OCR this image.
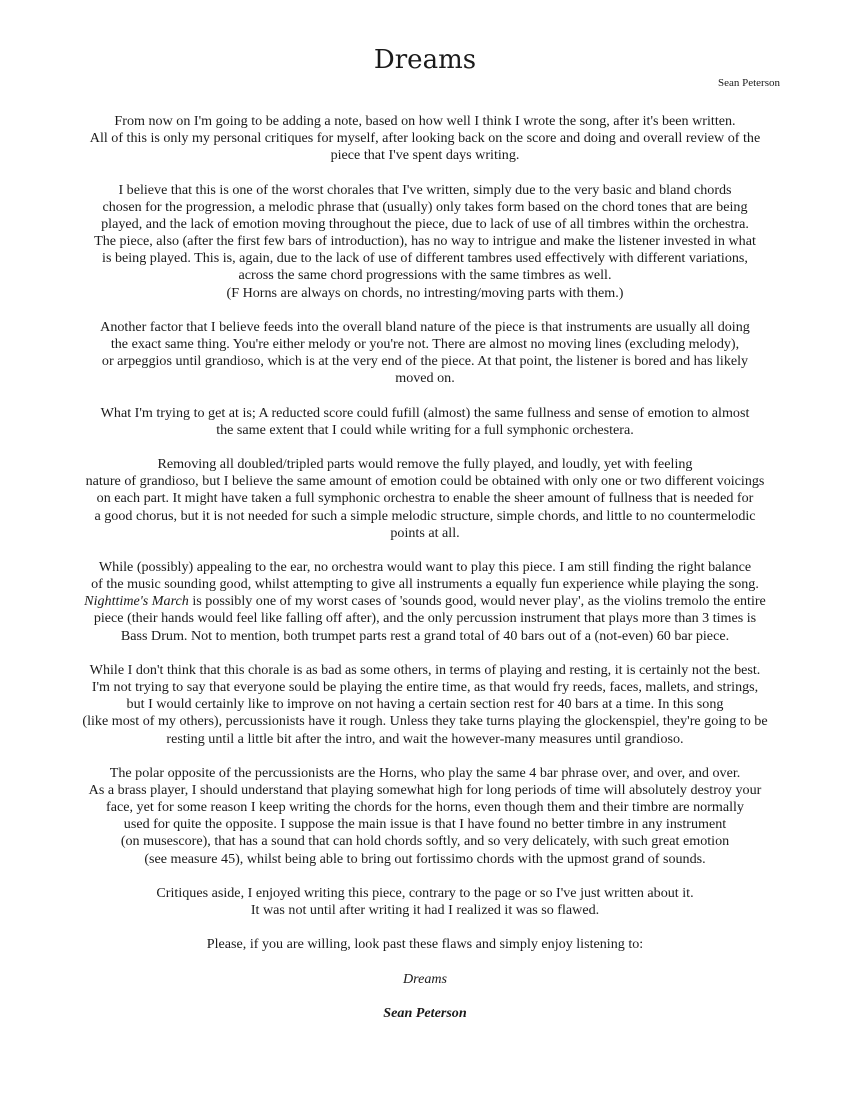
Dreams
Sean Peterson

From now on I'm going to be adding a note, based on how well I think I wrote the song, after it's been written.
All of this is only my personal critiques for myself, after looking back on the score and doing and overall review of the
piece that I've spent days writing.

I believe that this is one of the worst chorales that I've written, simply due to the very basic and bland chords
chosen for the progression, a melodic phrase that (usually) only takes form based on the chord tones that are being
played, and the lack of emotion moving throughout the piece, due to lack of use of all timbres within the orchestra.
The piece, also (after the first few bars of introduction), has no way to intrigue and make the listener invested in what
is being played. This is, again, due to the lack of use of different tambres used effectively with different variations,
across the same chord progressions with the same timbres as well.
(F Horns are always on chords, no intresting/moving parts with them.)

Another factor that I believe feeds into the overall bland nature of the piece is that instruments are usually all doing
the exact same thing. You're either melody or you're not. There are almost no moving lines (excluding melody),
or arpeggios until grandioso, which is at the very end of the piece. At that point, the listener is bored and has likely
moved on.

What I'm trying to get at is; A reducted score could fufill (almost) the same fullness and sense of emotion to almost
the same extent that I could while writing for a full symphonic orchestera.

Removing all doubled/tripled parts would remove the fully played, and loudly, yet with feeling
nature of grandioso, but I believe the same amount of emotion could be obtained with only one or two different voicings
on each part. It might have taken a full symphonic orchestra to enable the sheer amount of fullness that is needed for
a good chorus, but it is not needed for such a simple melodic structure, simple chords, and little to no countermelodic
points at all.

While (possibly) appealing to the ear, no orchestra would want to play this piece. I am still finding the right balance
of the music sounding good, whilst attempting to give all instruments a equally fun experience while playing the song.
Nighttime's March is possibly one of my worst cases of 'sounds good, would never play', as the violins tremolo the entire
piece (their hands would feel like falling off after), and the only percussion instrument that plays more than 3 times is
Bass Drum. Not to mention, both trumpet parts rest a grand total of 40 bars out of a (not-even) 60 bar piece.

While I don't think that this chorale is as bad as some others, in terms of playing and resting, it is certainly not the best.
I'm not trying to say that everyone sould be playing the entire time, as that would fry reeds, faces, mallets, and strings,
but I would certainly like to improve on not having a certain section rest for 40 bars at a time. In this song
(like most of my others), percussionists have it rough. Unless they take turns playing the glockenspiel, they're going to be
resting until a little bit after the intro, and wait the however-many measures until grandioso.

The polar opposite of the percussionists are the Horns, who play the same 4 bar phrase over, and over, and over.
As a brass player, I should understand that playing somewhat high for long periods of time will absolutely destroy your
face, yet for some reason I keep writing the chords for the horns, even though them and their timbre are normally
used for quite the opposite. I suppose the main issue is that I have found no better timbre in any instrument
(on musescore), that has a sound that can hold chords softly, and so very delicately, with such great emotion
(see measure 45), whilst being able to bring out fortissimo chords with the upmost grand of sounds.

Critiques aside, I enjoyed writing this piece, contrary to the page or so I've just written about it.
It was not until after writing it had I realized it was so flawed.

Please, if you are willing, look past these flaws and simply enjoy listening to:

Dreams

Sean Peterson
